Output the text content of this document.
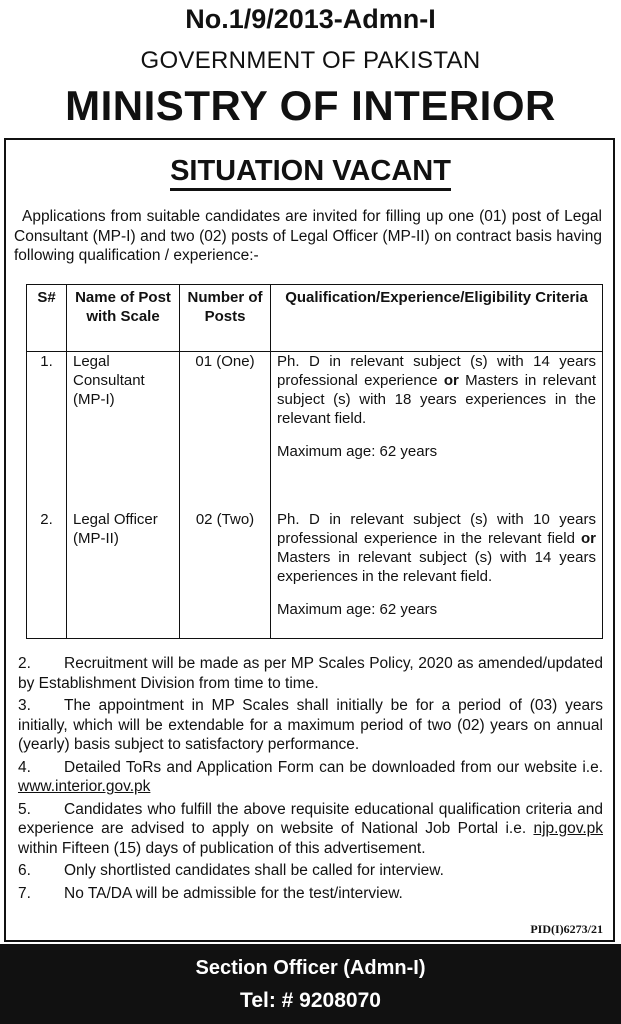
No.1/9/2013-Admn-I
GOVERNMENT OF PAKISTAN
MINISTRY OF INTERIOR
SITUATION VACANT

Applications from suitable candidates are invited for filling up one (01) post of Legal Consultant (MP-I) and two (02) posts of Legal Officer (MP-II) on contract basis having following qualification / experience:-

S#	Name of Post with Scale	Number of Posts	Qualification/Experience/Eligibility Criteria
1.	Legal Consultant (MP-I)	01 (One)	Ph. D in relevant subject (s) with 14 years professional experience or Masters in relevant subject (s) with 18 years experiences in the relevant field.

Maximum age: 62 years

2.	Legal Officer (MP-II)	02 (Two)	Ph. D in relevant subject (s) with 10 years professional experience in the relevant field or Masters in relevant subject (s) with 14 years experiences in the relevant field.

Maximum age: 62 years

2. Recruitment will be made as per MP Scales Policy, 2020 as amended/updated by Establishment Division from time to time.

3. The appointment in MP Scales shall initially be for a period of (03) years initially, which will be extendable for a maximum period of two (02) years on annual (yearly) basis subject to satisfactory performance.

4. Detailed ToRs and Application Form can be downloaded from our website i.e. www.interior.gov.pk

5. Candidates who fulfill the above requisite educational qualification criteria and experience are advised to apply on website of National Job Portal i.e. njp.gov.pk within Fifteen (15) days of publication of this advertisement.

6. Only shortlisted candidates shall be called for interview.

7. No TA/DA will be admissible for the test/interview.

PID(I)6273/21
Section Officer (Admn-I)
Tel: # 9208070
